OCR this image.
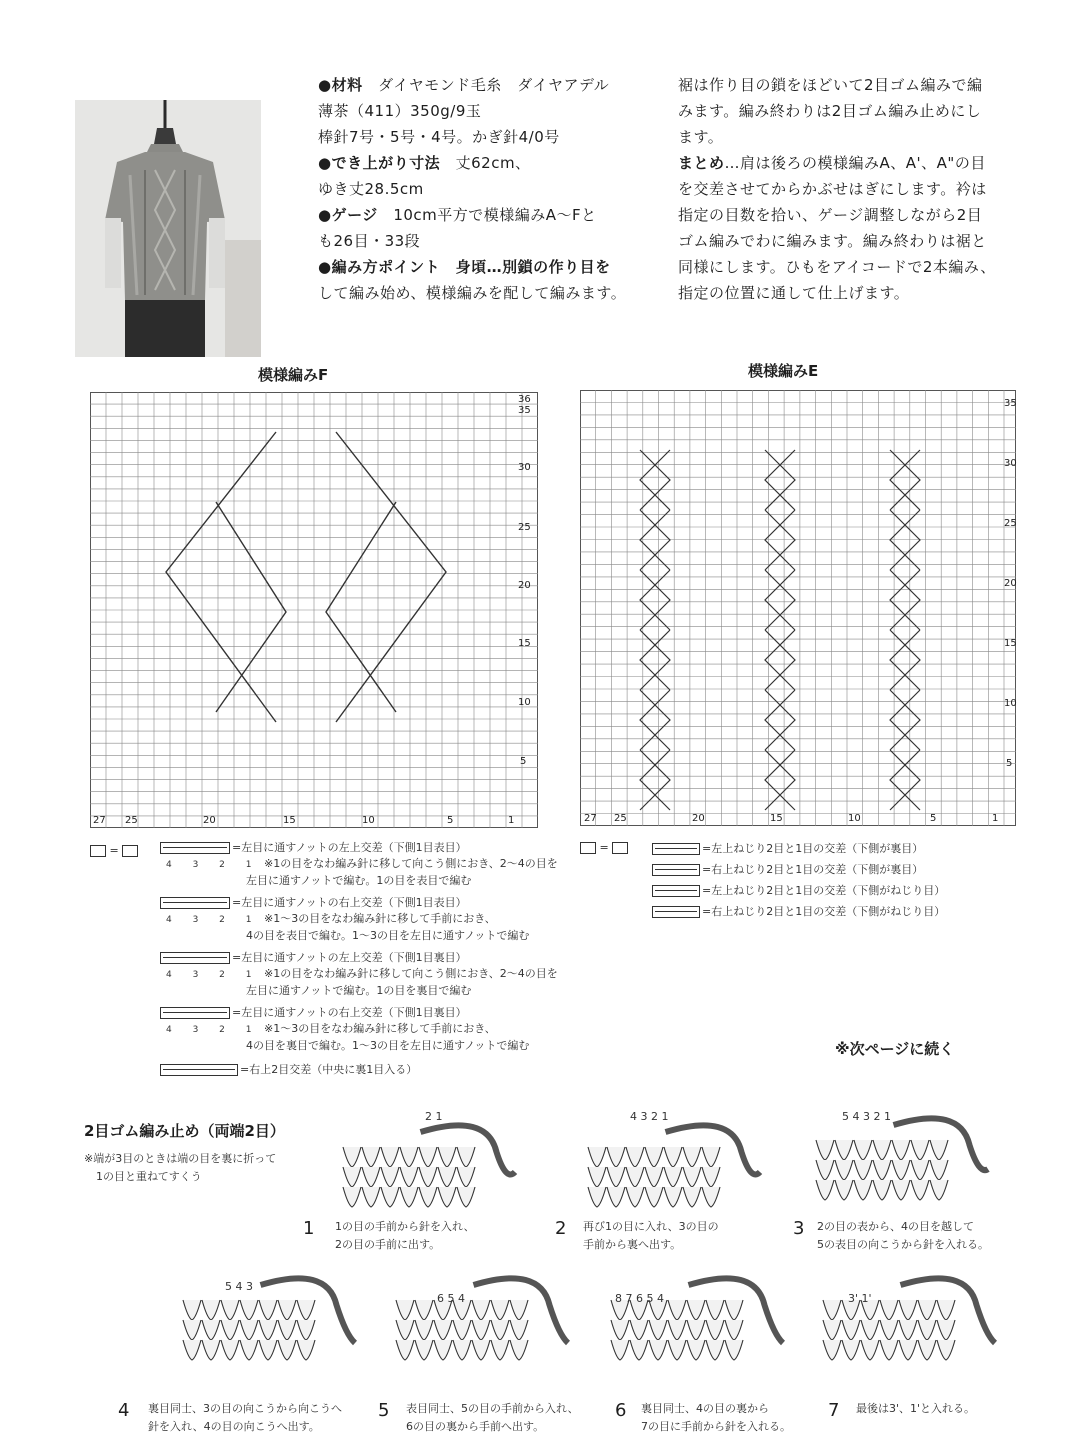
●材料　 ダイヤモンド毛糸　ダイヤアデル

薄茶（411）350g/9玉

棒針7号・5号・4号。かぎ針4/0号

●でき上がり寸法　 丈62cm、

ゆき丈28.5cm

●ゲージ　 10cm平方で模様編みA～Fと

も26目・33段

●編み方ポイント　 身頃…別鎖の作り目を

して編み始め、模様編みを配して編みます。

裾は作り目の鎖をほどいて2目ゴム編みで編

みます。編み終わりは2目ゴム編み止めにし

ます。

まとめ…肩は後ろの模様編みA、A'、A"の目

を交差させてからかぶせはぎにします。衿は

指定の目数を拾い、ゲージ調整しながら2目

ゴム編みでわに編みます。編み終わりは裾と

同様にします。ひもをアイコードで2本編み、

指定の位置に通して仕上げます。

模様編みF	模様編みE
36
35
30
25
20
15
10
5
27 25	20	15	10	5	1
35
30
25
20
15
10
5
27 25	20	15	10	5	1
=	=左目に通すノットの左上交差（下側1目表目）
4 3 2 1 ※1の目をなわ編み針に移して向こう側におき、2～4の目を
左目に通すノットで編む。1の目を表目で編む
=左目に通すノットの右上交差（下側1目表目）
4 3 2 1 ※1～3の目をなわ編み針に移して手前におき、
4の目を表目で編む。1～3の目を左目に通すノットで編む
=左目に通すノットの左上交差（下側1目裏目）
4 3 2 1 ※1の目をなわ編み針に移して向こう側におき、2～4の目を
左目に通すノットで編む。1の目を裏目で編む
=左目に通すノットの右上交差（下側1目裏目）
4 3 2 1 ※1～3の目をなわ編み針に移して手前におき、
4の目を裏目で編む。1～3の目を左目に通すノットで編む
=右上2目交差（中央に裏1目入る）
=	=左上ねじり2目と1目の交差（下側が裏目）
=右上ねじり2目と1目の交差（下側が裏目）
=左上ねじり2目と1目の交差（下側がねじり目）
=右上ねじり2目と1目の交差（下側がねじり目）
※次ページに続く
2目ゴム編み止め（両端2目）
※端が3目のときは端の目を裏に折って
1の目と重ねてすくう
2 1	4 3 2 1	5 4 3 2 1
5 4 3
6 5 4	8 7 6 5 4	3' 1'
1 1の目の手前から針を入れ、
2の目の手前に出す。
2 再び1の目に入れ、3の目の
手前から裏へ出す。
3 2の目の表から、4の目を越して
5の表目の向こうから針を入れる。
4 裏目同士、3の目の向こうから向こうへ
針を入れ、4の目の向こうへ出す。
5 表目同士、5の目の手前から入れ、
6の目の裏から手前へ出す。
6 裏目同士、4の目の裏から
7の目に手前から針を入れる。
7 最後は3'、1'と入れる。
